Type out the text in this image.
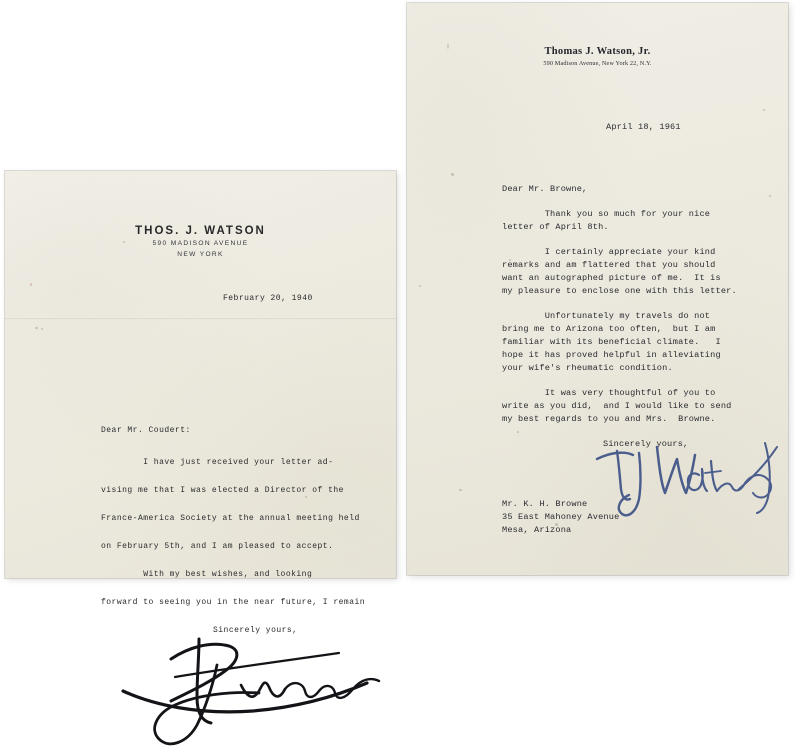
THOS. J. WATSON
590 MADISON AVENUE
NEW YORK
February 20, 1940
Dear Mr. Coudert:
I have just received your letter ad-
vising me that I was elected a Director of the
France-America Society at the annual meeting held
on February 5th, and I am pleased to accept.
With my best wishes, and looking
forward to seeing you in the near future, I remain
Sincerely yours,
Thomas J. Watson, Jr.
590 Madison Avenue, New York 22, N.Y.
April 18, 1961
Dear Mr. Browne,
Thank you so much for your nice
letter of April 8th.
I certainly appreciate your kind
remarks and am flattered that you should
want an autographed picture of me.  It is
my pleasure to enclose one with this letter.
Unfortunately my travels do not
bring me to Arizona too often,  but I am
familiar with its beneficial climate.   I
hope it has proved helpful in alleviating
your wife's rheumatic condition.
It was very thoughtful of you to
write as you did,  and I would like to send
my best regards to you and Mrs.  Browne.
Sincerely yours,
Mr. K. H. Browne
35 East Mahoney Avenue
Mesa, Arizona
